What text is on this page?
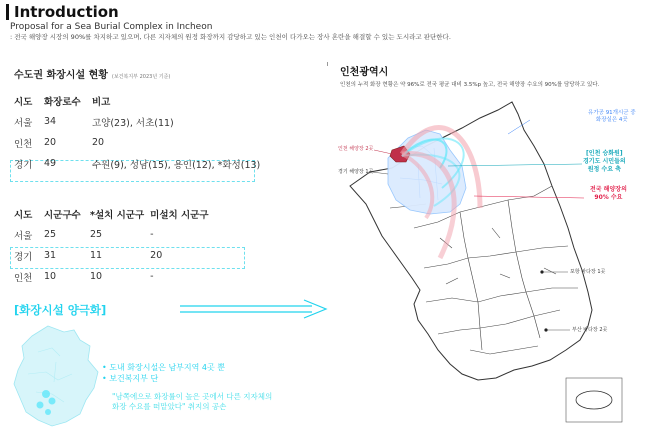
Introduction
Proposal for a Sea Burial Complex in Incheon
: 전국 해양장 시장의 90%를 차지하고 있으며, 다른 지자체의 원정 화장까지 감당하고 있는 인천이 다가오는 장사 혼란을 해결할 수 있는 도시라고 판단한다.
수도권 화장시설 현황 (보건복지부 2023년 기준)
시도	화장로수	비고
서울	34	고양(23), 서초(11)
인천	20	20
경기	49	수원(9), 성남(15), 용인(12), *화성(13)
시도	시군구수	*설치 시군구	미설치 시군구
서울	25	25	-
경기	31	11	20
인천	10	10	-
[화장시설 양극화]
• 도내 화장시설은 남부지역 4곳 뿐
• 보건복지부 단
"남쪽에으로 화장률이 높은 곳에서 다른 지자체의
화장 수요를 떠맡았다" 취지의 공손
인천광역시
인천의 누적 화장 현황은 약 96%로 전국 평균 대비 3.5%p 높고, 전국 해양장 수요의 90%를 담당하고 있다.
유가공 91개시군 중
화장실은 4곳
인천 해양장 2곳
경기 해양장 1곳
[인천 승화원]
경기도 시민들의
원정 수요 축
전국 해양장의
90% 수요
포항 바다장 1곳
부산 바다장 2곳
